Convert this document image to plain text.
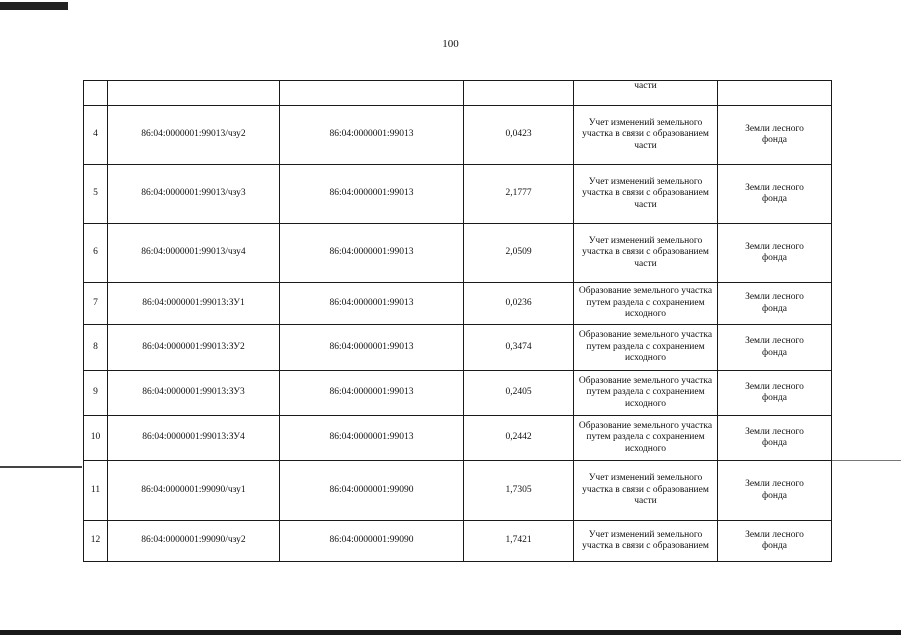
100
				части	
4	86:04:0000001:99013/чзу2	86:04:0000001:99013	0,0423	Учет изменений земельного участка в связи с образованием части	Земли лесного фонда
5	86:04:0000001:99013/чзу3	86:04:0000001:99013	2,1777	Учет изменений земельного участка в связи с образованием части	Земли лесного фонда
6	86:04:0000001:99013/чзу4	86:04:0000001:99013	2,0509	Учет изменений земельного участка в связи с образованием части	Земли лесного фонда
7	86:04:0000001:99013:ЗУ1	86:04:0000001:99013	0,0236	Образование земельного участка путем раздела с сохранением исходного	Земли лесного фонда
8	86:04:0000001:99013:ЗУ2	86:04:0000001:99013	0,3474	Образование земельного участка путем раздела с сохранением исходного	Земли лесного фонда
9	86:04:0000001:99013:ЗУ3	86:04:0000001:99013	0,2405	Образование земельного участка путем раздела с сохранением исходного	Земли лесного фонда
10	86:04:0000001:99013:ЗУ4	86:04:0000001:99013	0,2442	Образование земельного участка путем раздела с сохранением исходного	Земли лесного фонда
11	86:04:0000001:99090/чзу1	86:04:0000001:99090	1,7305	Учет изменений земельного участка в связи с образованием части	Земли лесного фонда
12	86:04:0000001:99090/чзу2	86:04:0000001:99090	1,7421	Учет изменений земельного участка в связи с образованием	Земли лесного фонда
